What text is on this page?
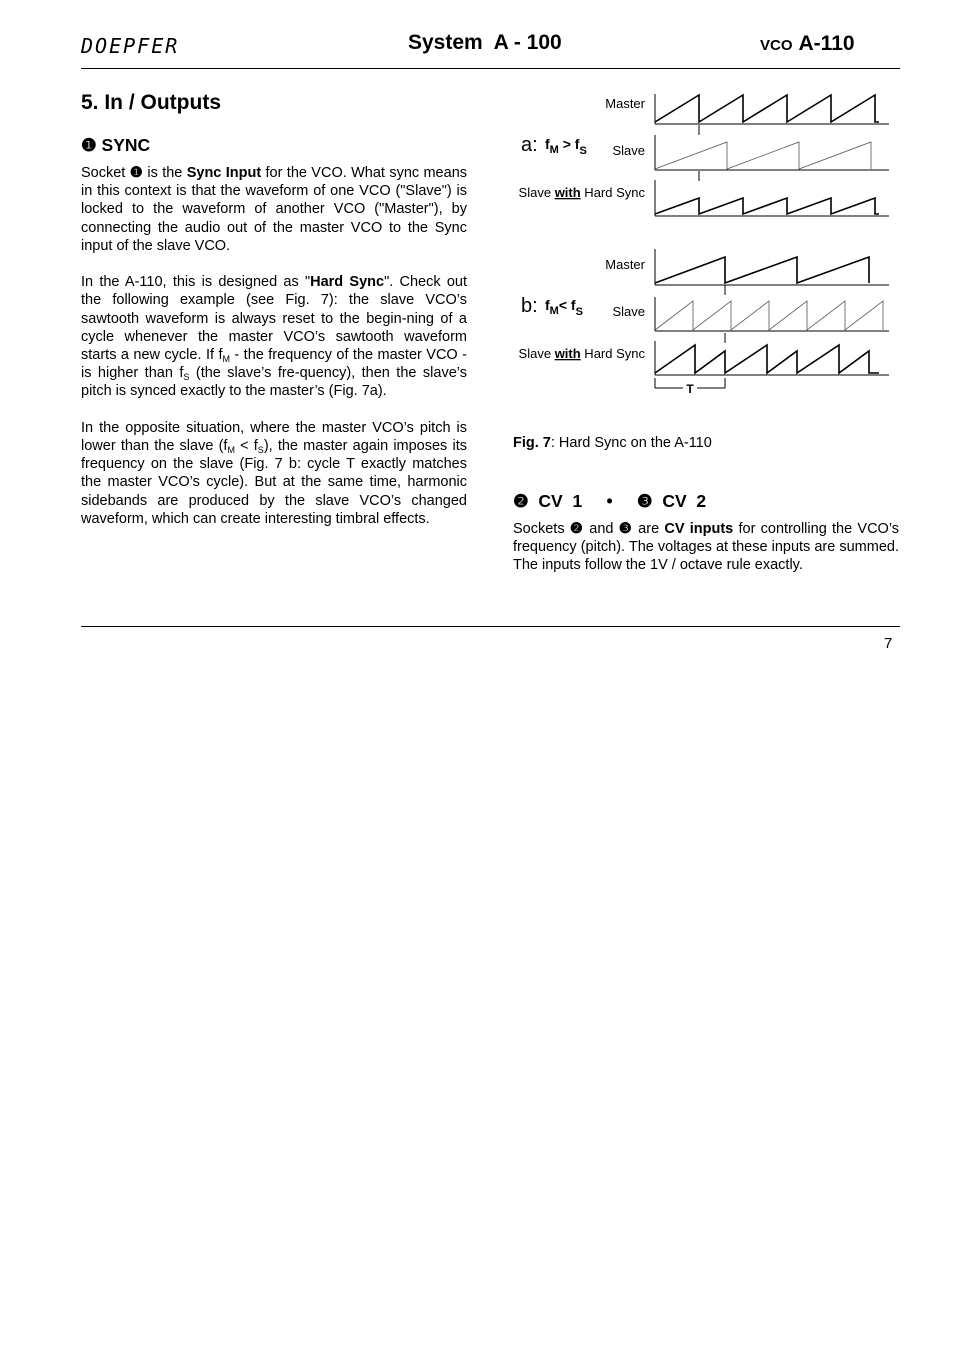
DOEPFER	System  A - 100	VCO A-110
5. In / Outputs
❶ SYNC

Socket ❶ is the Sync Input for the VCO. What sync means in this context is that the waveform of one VCO ("Slave") is locked to the waveform of another VCO ("Master"), by connecting the audio out of the master VCO to the Sync input of the slave VCO.

In the A-110, this is designed as "Hard Sync". Check out the following example (see Fig. 7): the slave VCO’s sawtooth waveform is always reset to the begin-ning of a cycle whenever the master VCO’s sawtooth waveform starts a new cycle. If $f_M$ - the frequency of the master VCO - is higher than $f_S$ (the slave’s fre-quency), then the slave’s pitch is synced exactly to the master’s (Fig. 7a).

In the opposite situation, where the master VCO’s pitch is lower than the slave $(f_M < f_S)$, the master again imposes its frequency on the slave (Fig. 7 b: cycle T exactly matches the master VCO’s cycle). But at the same time, harmonic sidebands are produced by the slave VCO’s changed waveform, which can create interesting timbral effects.

Master
Slave
Slave with Hard Sync
a: $f_M > f_S$
Master
Slave
Slave with Hard Sync
b: $f_M< f_S$
T
Fig. 7: Hard Sync on the A-110
❷  CV  1     •     ❸  CV  2

Sockets ❷ and ❸ are CV inputs for controlling the VCO’s frequency (pitch). The voltages at these inputs are summed. The inputs follow the 1V / octave rule exactly.

7
